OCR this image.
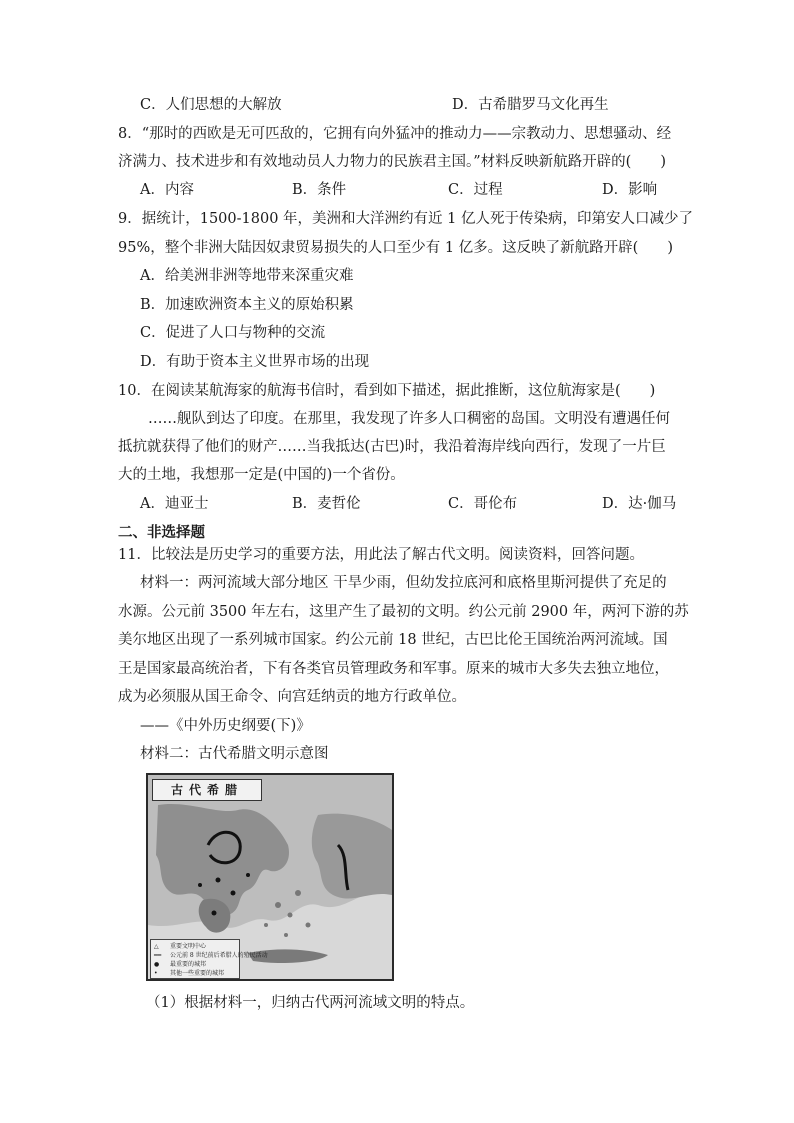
C．人们思想的大解放	D．古希腊罗马文化再生
8．“那时的西欧是无可匹敌的，它拥有向外猛冲的推动力——宗教动力、思想骚动、经
济满力、技术进步和有效地动员人力物力的民族君主国。”材料反映新航路开辟的(　　)
A．内容	B．条件	C．过程	D．影响
9．据统计，1500-1800 年，美洲和大洋洲约有近 1 亿人死于传染病，印第安人口减少了
95%，整个非洲大陆因奴隶贸易损失的人口至少有 1 亿多。这反映了新航路开辟(　　)
A．给美洲非洲等地带来深重灾难
B．加速欧洲资本主义的原始积累
C．促进了人口与物种的交流
D．有助于资本主义世界市场的出现
10．在阅读某航海家的航海书信时，看到如下描述，据此推断，这位航海家是(　　)
……舰队到达了印度。在那里，我发现了许多人口稠密的岛国。文明没有遭遇任何
抵抗就获得了他们的财产……当我抵达(古巴)时，我沿着海岸线向西行，发现了一片巨
大的土地，我想那一定是(中国的)一个省份。
A．迪亚士	B．麦哲伦	C．哥伦布	D．达·伽马
二、非选择题
11．比较法是历史学习的重要方法，用此法了解古代文明。阅读资料，回答问题。
材料一：两河流域大部分地区 干旱少雨，但幼发拉底河和底格里斯河提供了充足的
水源。公元前 3500 年左右，这里产生了最初的文明。约公元前 2900 年，两河下游的苏
美尔地区出现了一系列城市国家。约公元前 18 世纪，古巴比伦王国统治两河流域。国
王是国家最高统治者，下有各类官员管理政务和军事。原来的城市大多失去独立地位，
成为必须服从国王命令、向宫廷纳贡的地方行政单位。
——《中外历史纲要(下)》
材料二：古代希腊文明示意图
古代希腊
△ 重要文明中心
━━ 公元前 8 世纪前后希腊人的殖民活动
● 最重要的城邦
• 其他一些重要的城邦
（1）根据材料一，归纳古代两河流域文明的特点。
